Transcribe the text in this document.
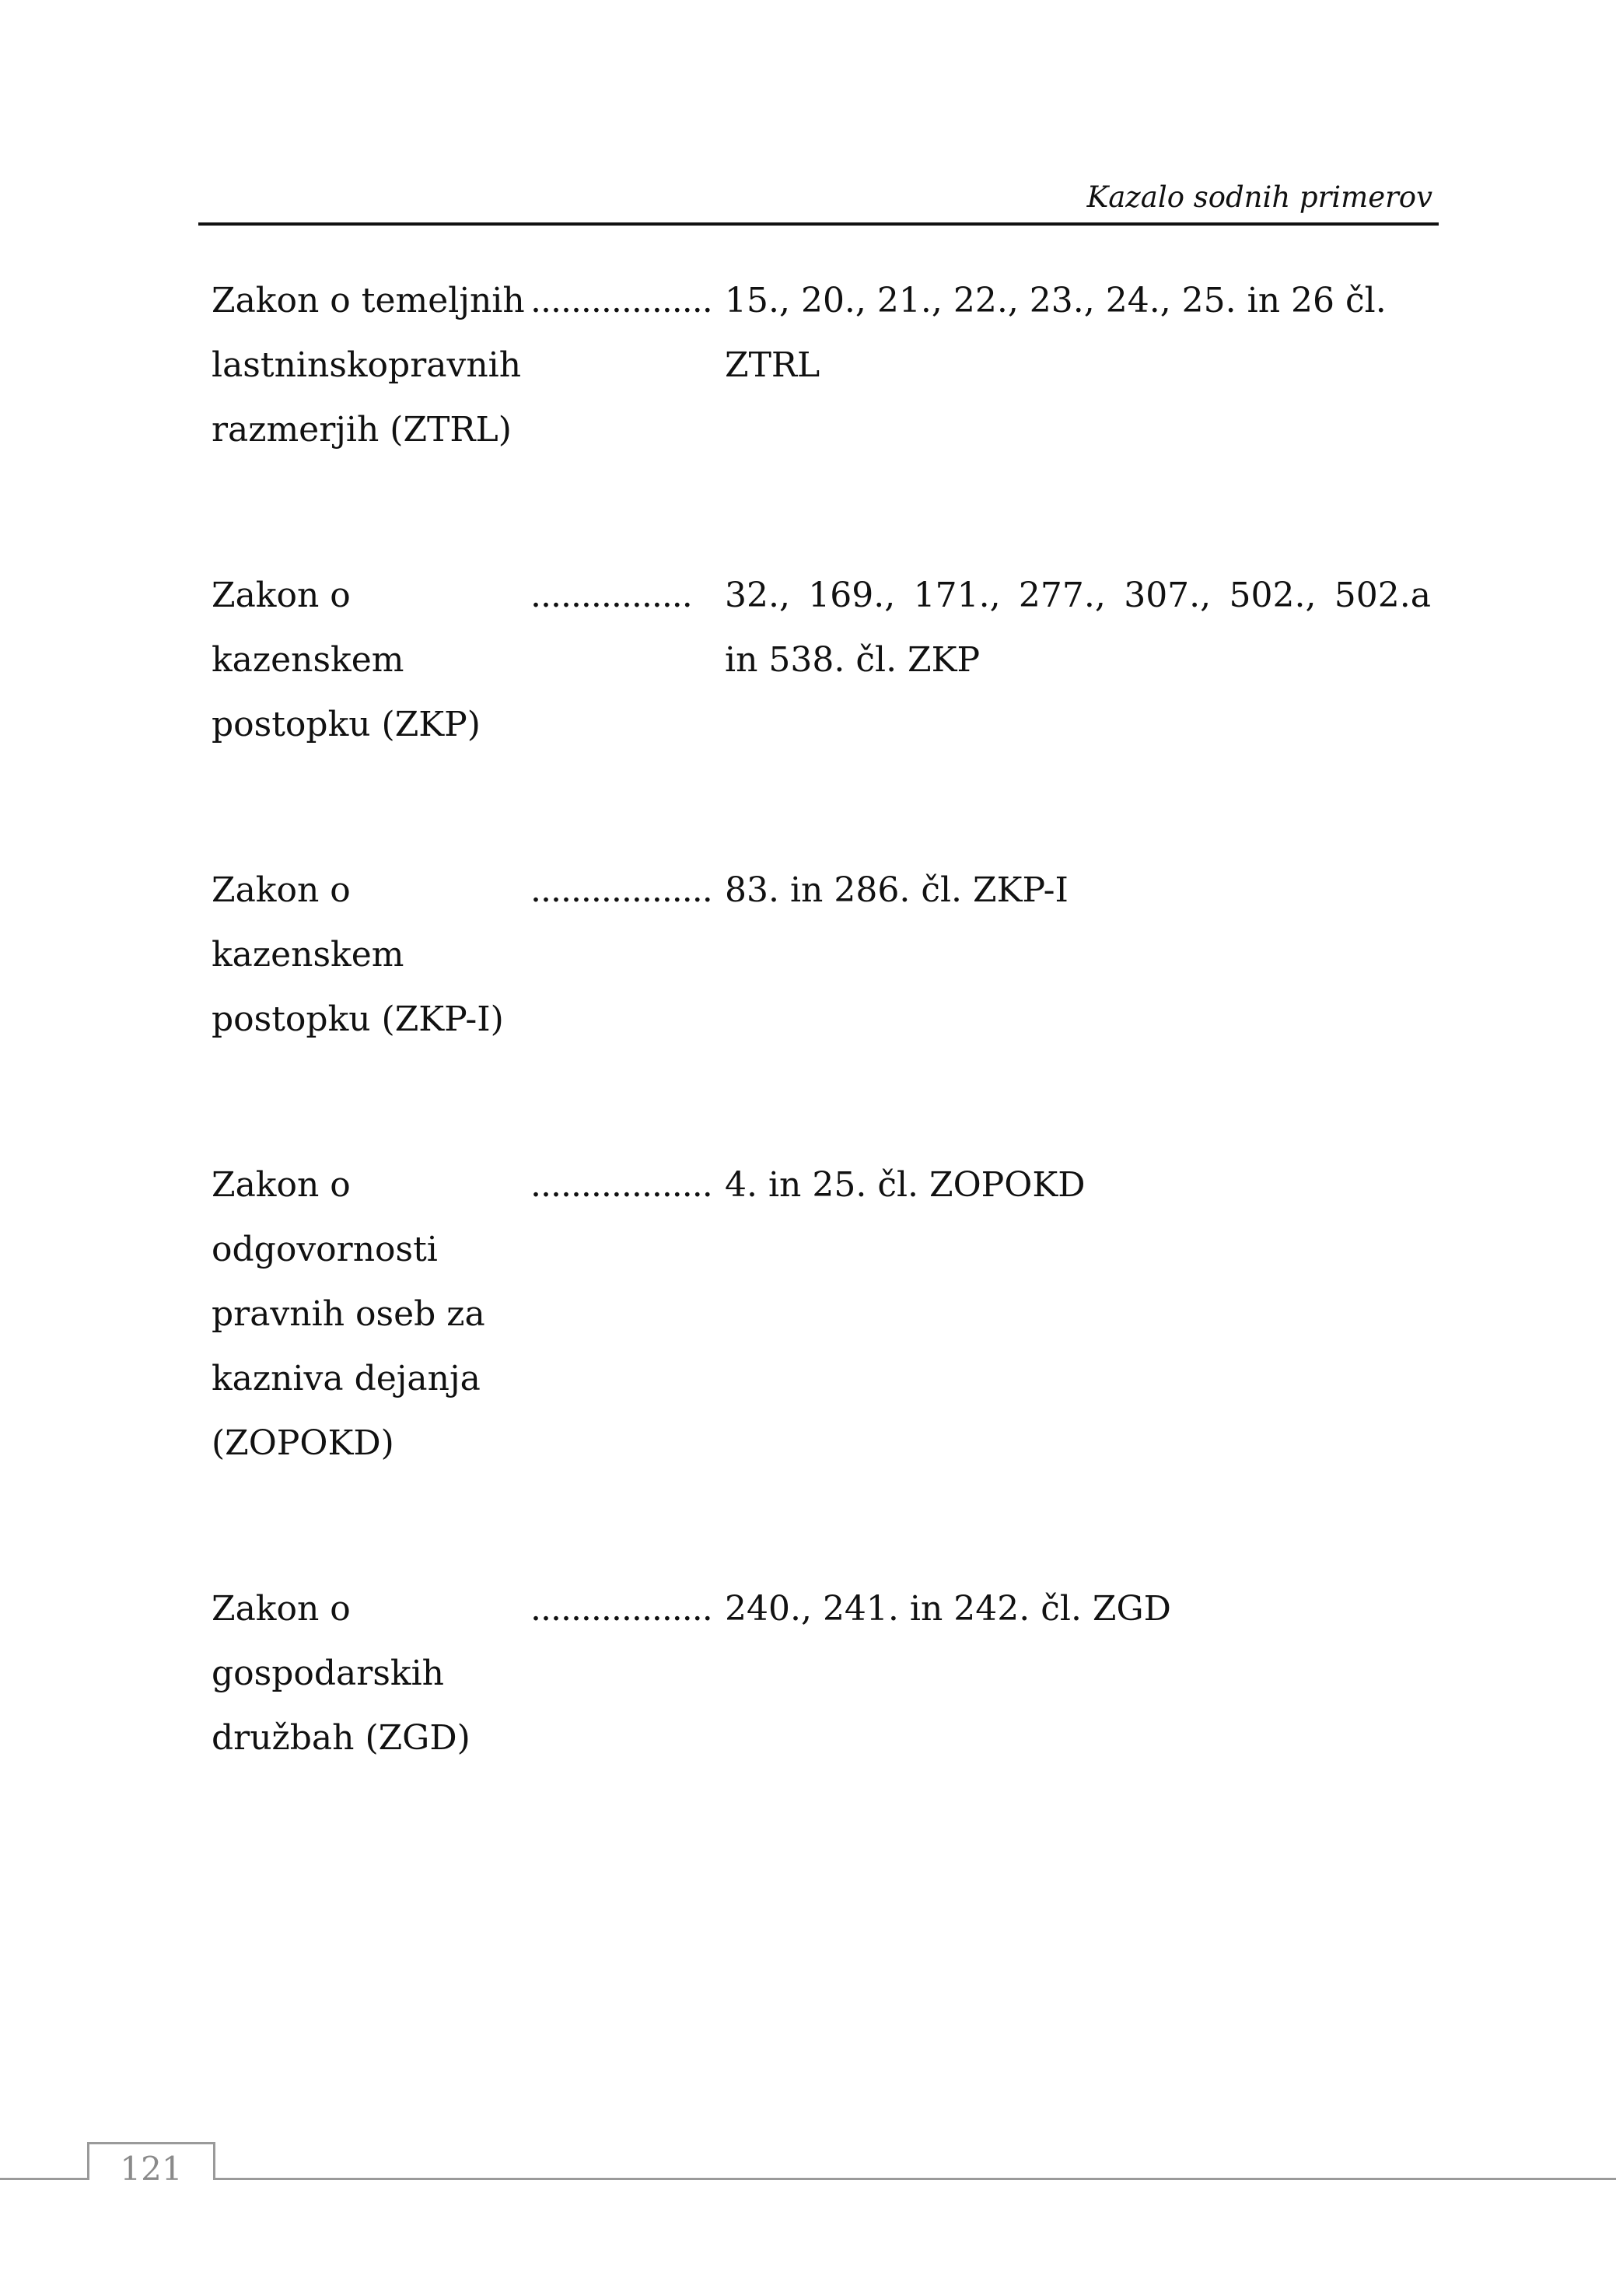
Kazalo sodnih primerov
Zakon o temeljnih
lastninskopravnih
razmerjih (ZTRL)
.................. 15., 20., 21., 22., 23., 24., 25. in 26 čl. ZTRL
Zakon o
kazenskem
postopku (ZKP)
................ 32., 169., 171., 277., 307., 502., 502.a in 538. čl. ZKP
Zakon o
kazenskem
postopku (ZKP-I)
.................. 83. in 286. čl. ZKP-I
Zakon o
odgovornosti
pravnih oseb za
kazniva dejanja
(ZOPOKD)
.................. 4. in 25. čl. ZOPOKD
Zakon o
gospodarskih
družbah (ZGD)
.................. 240., 241. in 242. čl. ZGD
121
